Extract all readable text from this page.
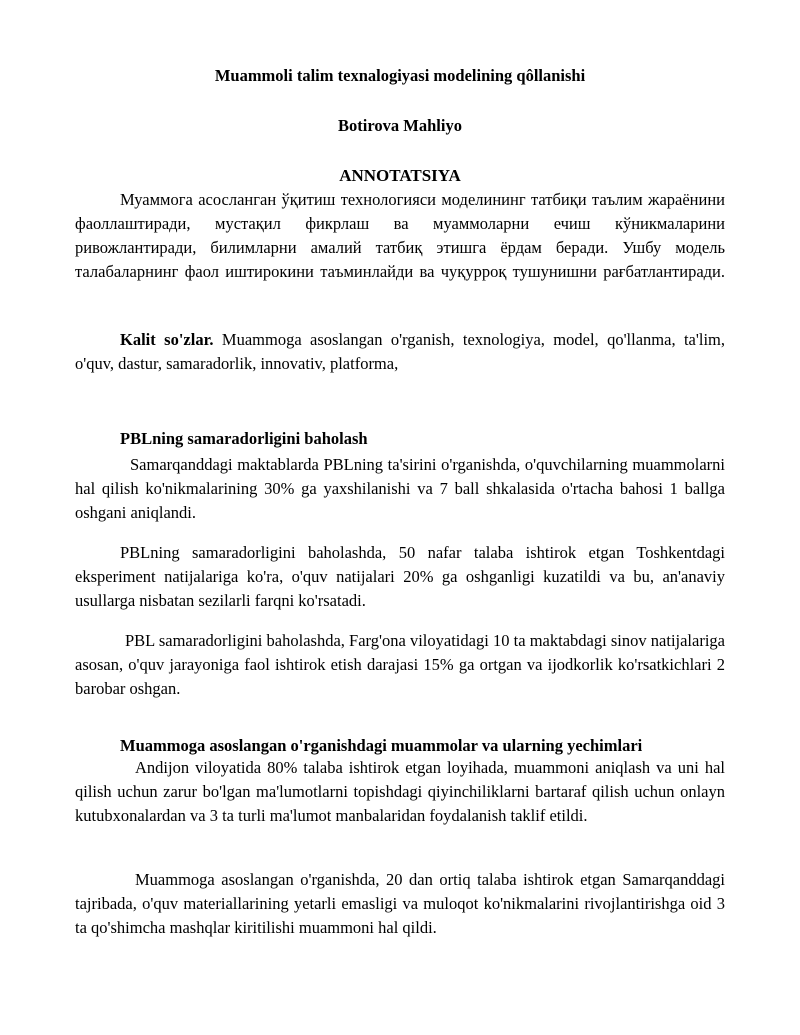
Muammoli talim texnalogiyasi modelining qôllanishi
Botirova Mahliyo
ANNOTATSIYA
Муаммога асосланган ўқитиш технологияси моделининг татбиқи таълим жараёнини фаоллаштиради, мустақил фикрлаш ва муаммоларни ечиш кўникмаларини ривожлантиради, билимларни амалий татбиқ этишга ёрдам беради. Ушбу модель талабаларнинг фаол иштирокини таъминлайди ва чуқурроқ тушунишни рағбатлантиради.
Kalit so'zlar. Muammoga asoslangan o'rganish, texnologiya, model, qo'llanma, ta'lim, o'quv, dastur, samaradorlik, innovativ, platforma,
PBLning samaradorligini baholash
Samarqanddagi maktablarda PBLning ta'sirini o'rganishda, o'quvchilarning muammolarni hal qilish ko'nikmalarining 30% ga yaxshilanishi va 7 ball shkalasida o'rtacha bahosi 1 ballga oshgani aniqlandi.
PBLning samaradorligini baholashda, 50 nafar talaba ishtirok etgan Toshkentdagi eksperiment natijalariga ko'ra, o'quv natijalari 20% ga oshganligi kuzatildi va bu, an'anaviy usullarga nisbatan sezilarli farqni ko'rsatadi.
PBL samaradorligini baholashda, Farg'ona viloyatidagi 10 ta maktabdagi sinov natijalariga asosan, o'quv jarayoniga faol ishtirok etish darajasi 15% ga ortgan va ijodkorlik ko'rsatkichlari 2 barobar oshgan.
Muammoga asoslangan o'rganishdagi muammolar va ularning yechimlari
Andijon viloyatida 80% talaba ishtirok etgan loyihada, muammoni aniqlash va uni hal qilish uchun zarur bo'lgan ma'lumotlarni topishdagi qiyinchiliklarni bartaraf qilish uchun onlayn kutubxonalardan va 3 ta turli ma'lumot manbalaridan foydalanish taklif etildi.
Muammoga asoslangan o'rganishda, 20 dan ortiq talaba ishtirok etgan Samarqanddagi tajribada, o'quv materiallarining yetarli emasligi va muloqot ko'nikmalarini rivojlantirishga oid 3 ta qo'shimcha mashqlar kiritilishi muammoni hal qildi.
